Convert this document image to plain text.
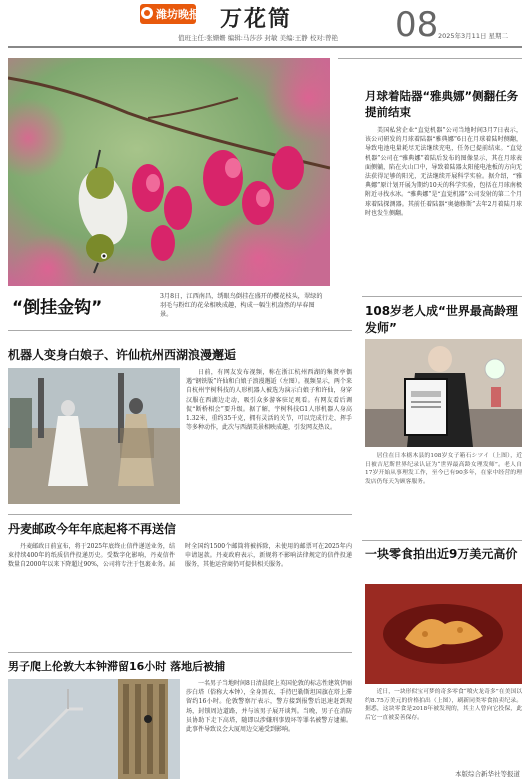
潍坊晚报 万花筒
值班主任:张姗姗 编辑:马莎莎 封敏 美编:王静 校对:曾艳 08 2025年3月11日 星期二
“倒挂金钩”
3月8日，江西南昌，绣眼鸟倒挂在盛开的樱花枝头，翠绿的羽毛与粉红的花朵相映成趣，构成一幅生机盎然的早春图景。
月球着陆器“雅典娜”侧翻任务提前结束
美国私营企业“直觉机器”公司当地时间3月7日表示，该公司研发的月球着陆器“雅典娜”6日在月球着陆时侧翻，导致电池电量耗尽无法继续充电，任务已提前结束。“直觉机器”公司在“雅典娜”着陆后发布的图像显示，其在月球表面侧躺，陷在火山口中，导致着陆器太阳能电池板的方向无法获得足够的阳光，无法继续开展科学实验。据介绍，“雅典娜”原计划开展为期约10天的科学实验，包括在月球南极附近寻找水冰。“雅典娜”是“直觉机器”公司发射的第二个月球着陆探测器。其前任着陆器“奥德修斯”去年2月着陆月球时也发生侧翻。
机器人变身白娘子、许仙杭州西湖浪漫邂逅
日前，有网友发布视频，称在浙江杭州西湖的集贤亭偶遇“钢铁版”许仙和白娘子浪漫邂逅（左图）。视频显示，两个来自杭州宇树科技的人形机器人被选为演示白娘子和许仙，身穿汉服在西湖边走动，吸引众多游客驻足观看。有网友看后调侃“断桥相会”要升级。据了解，宇树科技G1人形机器人身高1.32米，重约35千克，拥有灵活的关节，可以完成行走、挥手等多种动作，此次与西湖美景相映成趣，引发网友热议。
丹麦邮政今年年底起将不再送信
丹麦邮政日前宣布，将于2025年底终止信件递送业务，结束持续400年的纸质信件投递历史。受数字化影响，丹麦信件数量自2000年以来下降超过90%，公司将专注于包裹业务。届时全国约1500个邮筒将被拆除，未使用的邮票可在2025年内申请退款。丹麦政府表示，新规将不影响法律规定的信件投递服务，其他运营商仍可提供相关服务。
男子爬上伦敦大本钟滞留16小时 落地后被捕
一名男子当地时间8日清晨爬上英国伦敦的标志性建筑伊丽莎白塔（俗称大本钟），全身黑衣、手持巴勒斯坦国旗在塔上滞留约16小时。伦敦警察厅表示，警方接到报警后迅速赶到现场，封锁周边道路，并与该男子展开谈判。当晚，男子在消防员协助下走下高塔，随即以涉嫌刑事毁坏等罪名被警方逮捕。此事件导致议会大厦周边交通受到影响。
108岁老人成“世界最高龄理发师”
居住在日本栃木县的108岁女子箱石シツイ（上图），近日被吉尼斯世界纪录认证为“世界最高龄女理发师”。老人自17岁开始从事理发工作，至今已有90多年，在家中经营的理发店仍每天为顾客服务。
一块零食拍出近9万美元高价
近日，一块形似宝可梦的奇多零食“喷火龙奇多”在美国以约8.75万美元的价格拍出（上图），刷新同类零食拍卖纪录。据悉，这块零食是2018年被发现的，其主人曾向它投保，此后它一直被妥善保存。
本版综合新华社等报道
